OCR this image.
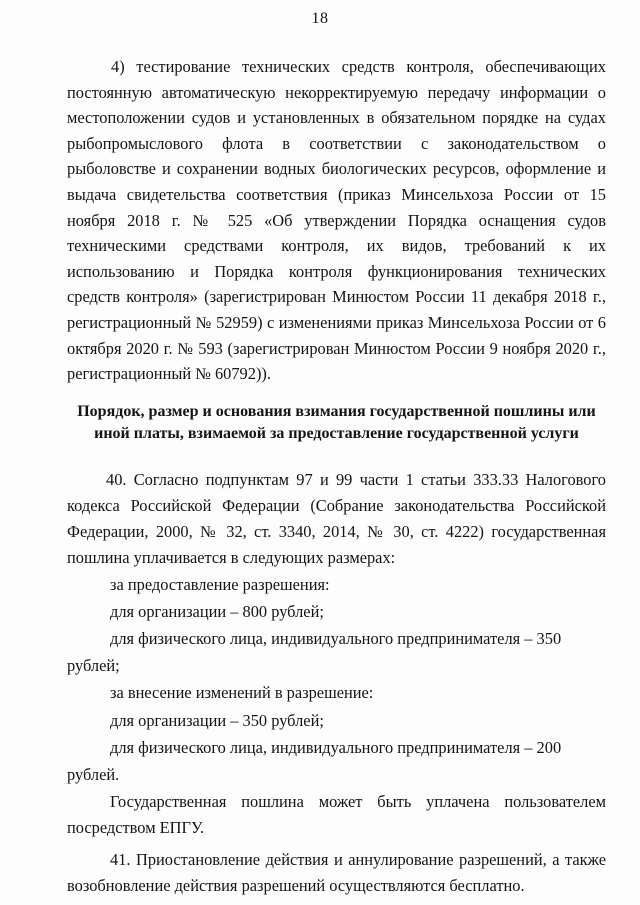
18

4) тестирование технических средств контроля, обеспечивающих постоянную автоматическую некорректируемую передачу информации о местоположении судов и установленных в обязательном порядке на судах рыбопромыслового флота в соответствии с законодательством о рыболовстве и сохранении водных биологических ресурсов, оформление и выдача свидетельства соответствия (приказ Минсельхоза России от 15 ноября 2018 г. № 525 «Об утверждении Порядка оснащения судов техническими средствами контроля, их видов, требований к их использованию и Порядка контроля функционирования технических средств контроля» (зарегистрирован Минюстом России 11 декабря 2018 г., регистрационный № 52959) с изменениями приказ Минсельхоза России от 6 октября 2020 г. № 593 (зарегистрирован Минюстом России 9 ноября 2020 г., регистрационный № 60792)).

Порядок, размер и основания взимания государственной пошлины или иной платы, взимаемой за предоставление государственной услуги

40. Согласно подпунктам 97 и 99 части 1 статьи 333.33 Налогового кодекса Российской Федерации (Собрание законодательства Российской Федерации, 2000, № 32, ст. 3340, 2014, № 30, ст. 4222) государственная пошлина уплачивается в следующих размерах:

за предоставление разрешения:
для организации – 800 рублей;
для физического лица, индивидуального предпринимателя – 350 рублей;
за внесение изменений в разрешение:
для организации – 350 рублей;
для физического лица, индивидуального предпринимателя – 200 рублей.

Государственная пошлина может быть уплачена пользователем посредством ЕПГУ.

41. Приостановление действия и аннулирование разрешений, а также возобновление действия разрешений осуществляются бесплатно.
